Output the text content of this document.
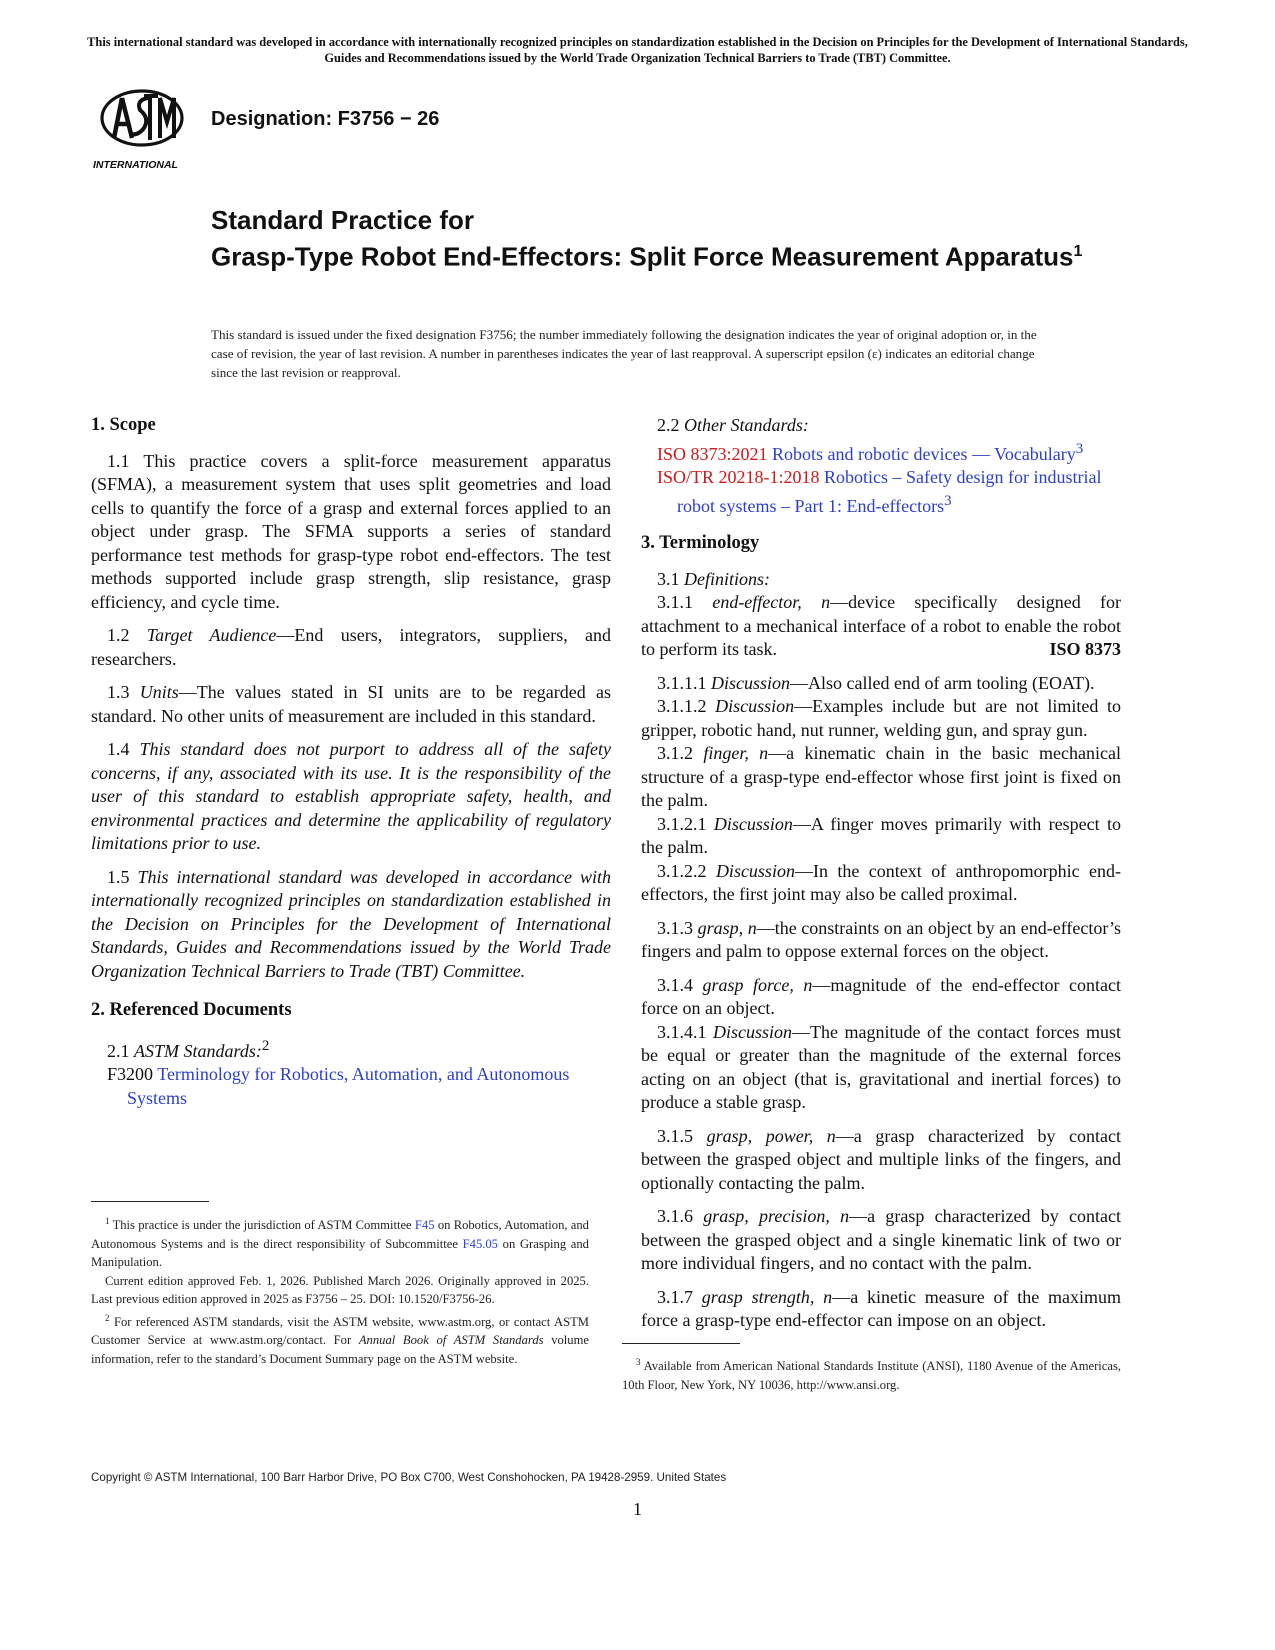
This international standard was developed in accordance with internationally recognized principles on standardization established in the Decision on Principles for the Development of International Standards, Guides and Recommendations issued by the World Trade Organization Technical Barriers to Trade (TBT) Committee.
INTERNATIONAL
Designation: F3756 − 26
Standard Practice for
Grasp-Type Robot End-Effectors: Split Force Measurement Apparatus$^1$
This standard is issued under the fixed designation F3756; the number immediately following the designation indicates the year of original adoption or, in the case of revision, the year of last revision. A number in parentheses indicates the year of last reapproval. A superscript epsilon (ε) indicates an editorial change since the last revision or reapproval.
1. Scope

1.1 This practice covers a split-force measurement apparatus (SFMA), a measurement system that uses split geometries and load cells to quantify the force of a grasp and external forces applied to an object under grasp. The SFMA supports a series of standard performance test methods for grasp-type robot end-effectors. The test methods supported include grasp strength, slip resistance, grasp efficiency, and cycle time.

1.2 Target Audience—End users, integrators, suppliers, and researchers.

1.3 Units—The values stated in SI units are to be regarded as standard. No other units of measurement are included in this standard.

1.4 This standard does not purport to address all of the safety concerns, if any, associated with its use. It is the responsibility of the user of this standard to establish appropriate safety, health, and environmental practices and determine the applicability of regulatory limitations prior to use.

1.5 This international standard was developed in accordance with internationally recognized principles on standardization established in the Decision on Principles for the Development of International Standards, Guides and Recommendations issued by the World Trade Organization Technical Barriers to Trade (TBT) Committee.

2. Referenced Documents

2.1 ASTM Standards:$^2$

F3200 Terminology for Robotics, Automation, and Autonomous Systems

2.2 Other Standards:

ISO 8373:2021 Robots and robotic devices — Vocabulary$^3$
ISO/TR 20218-1:2018 Robotics – Safety design for industrial robot systems – Part 1: End-effectors$^3$
3. Terminology

3.1 Definitions:

3.1.1 end-effector, n—device specifically designed for attachment to a mechanical interface of a robot to enable the robot to perform its task.	ISO 8373

3.1.1.1 Discussion—Also called end of arm tooling (EOAT).

3.1.1.2 Discussion—Examples include but are not limited to gripper, robotic hand, nut runner, welding gun, and spray gun.

3.1.2 finger, n—a kinematic chain in the basic mechanical structure of a grasp-type end-effector whose first joint is fixed on the palm.

3.1.2.1 Discussion—A finger moves primarily with respect to the palm.

3.1.2.2 Discussion—In the context of anthropomorphic end-effectors, the first joint may also be called proximal.

3.1.3 grasp, n—the constraints on an object by an end-effector’s fingers and palm to oppose external forces on the object.

3.1.4 grasp force, n—magnitude of the end-effector contact force on an object.

3.1.4.1 Discussion—The magnitude of the contact forces must be equal or greater than the magnitude of the external forces acting on an object (that is, gravitational and inertial forces) to produce a stable grasp.

3.1.5 grasp, power, n—a grasp characterized by contact between the grasped object and multiple links of the fingers, and optionally contacting the palm.

3.1.6 grasp, precision, n—a grasp characterized by contact between the grasped object and a single kinematic link of two or more individual fingers, and no contact with the palm.

3.1.7 grasp strength, n—a kinetic measure of the maximum force a grasp-type end-effector can impose on an object.

$^1$ This practice is under the jurisdiction of ASTM Committee F45 on Robotics, Automation, and Autonomous Systems and is the direct responsibility of Subcommittee F45.05 on Grasping and Manipulation.

Current edition approved Feb. 1, 2026. Published March 2026. Originally approved in 2025. Last previous edition approved in 2025 as F3756 – 25. DOI: 10.1520/F3756-26.

$^2$ For referenced ASTM standards, visit the ASTM website, www.astm.org, or contact ASTM Customer Service at www.astm.org/contact. For Annual Book of ASTM Standards volume information, refer to the standard’s Document Summary page on the ASTM website.	$^3$ Available from American National Standards Institute (ANSI), 1180 Avenue of the Americas, 10th Floor, New York, NY 10036, http://www.ansi.org.

Copyright © ASTM International, 100 Barr Harbor Drive, PO Box C700, West Conshohocken, PA 19428-2959. United States
1
